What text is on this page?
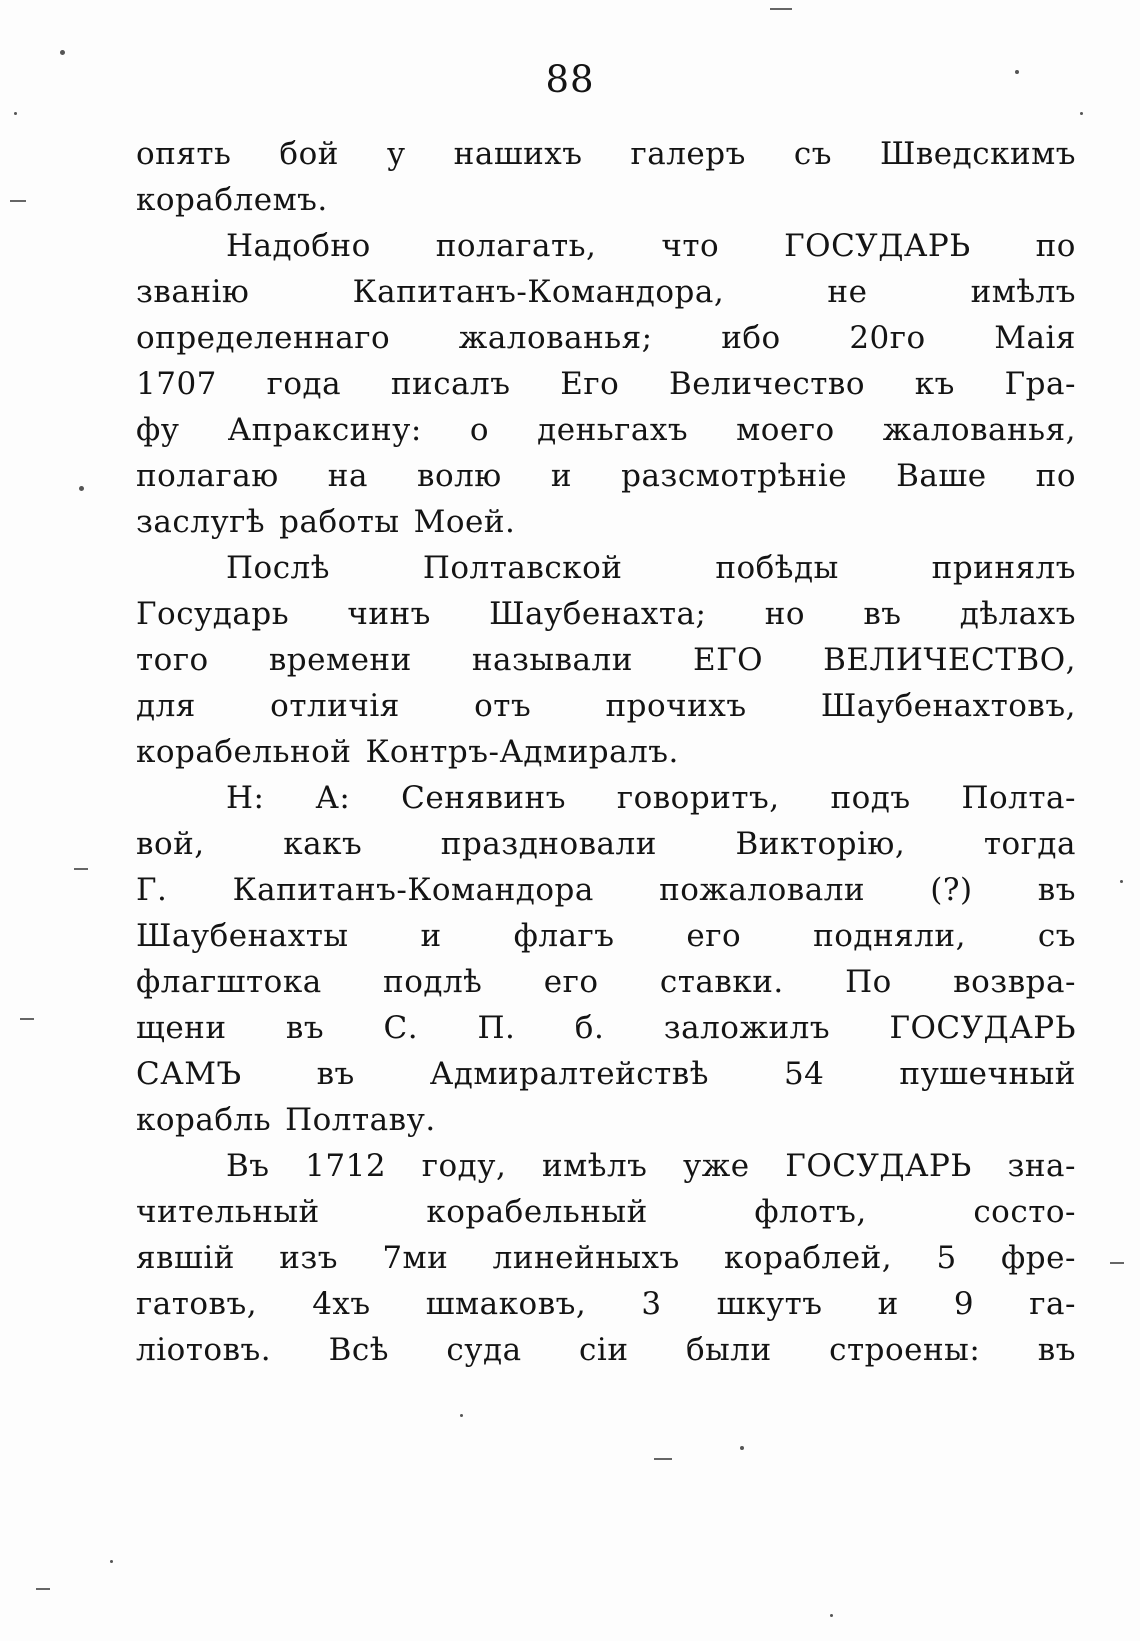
88
опять бой у нашихъ галеръ съ Шведскимъ
кораблемъ.
Надобно полагать, что ГОСУДАРЬ по
званію	Капитанъ-Командора,	не	имѣлъ
определеннаго жалованья; ибо 20го Маія
1707 года писалъ Его Величество къ Гра-
фу Апраксину: о деньгахъ моего жалованья,
полагаю на волю и разсмотрѣніе Ваше по
заслугѣ работы Моей.
Послѣ	Полтавской	побѣды	принялъ
Государь чинъ Шаубенахта; но въ дѣлахъ
того времени называли ЕГО ВЕЛИЧЕСТВО,
для отличія отъ прочихъ Шаубенахтовъ,
корабельной Контръ-Адмиралъ.
Н: А: Сенявинъ говоритъ, подъ Полта-
вой,	какъ	праздновали	Викторію,	тогда
Г. Капитанъ-Командора пожаловали (?) въ
Шаубенахты и флагъ его подняли, съ
флагштока подлѣ его ставки. По возвра-
щени въ С. П. б. заложилъ ГОСУДАРЬ
САМЪ въ Адмиралтействѣ 54 пушечный
корабль Полтаву.
Въ 1712 году, имѣлъ уже ГОСУДАРЬ зна-
чительный	корабельный	флотъ,	состо-
явшій изъ 7ми линейныхъ кораблей, 5 фре-
гатовъ, 4хъ шмаковъ, 3 шкутъ и 9 га-
ліотовъ. Всѣ суда сіи были строены: въ
